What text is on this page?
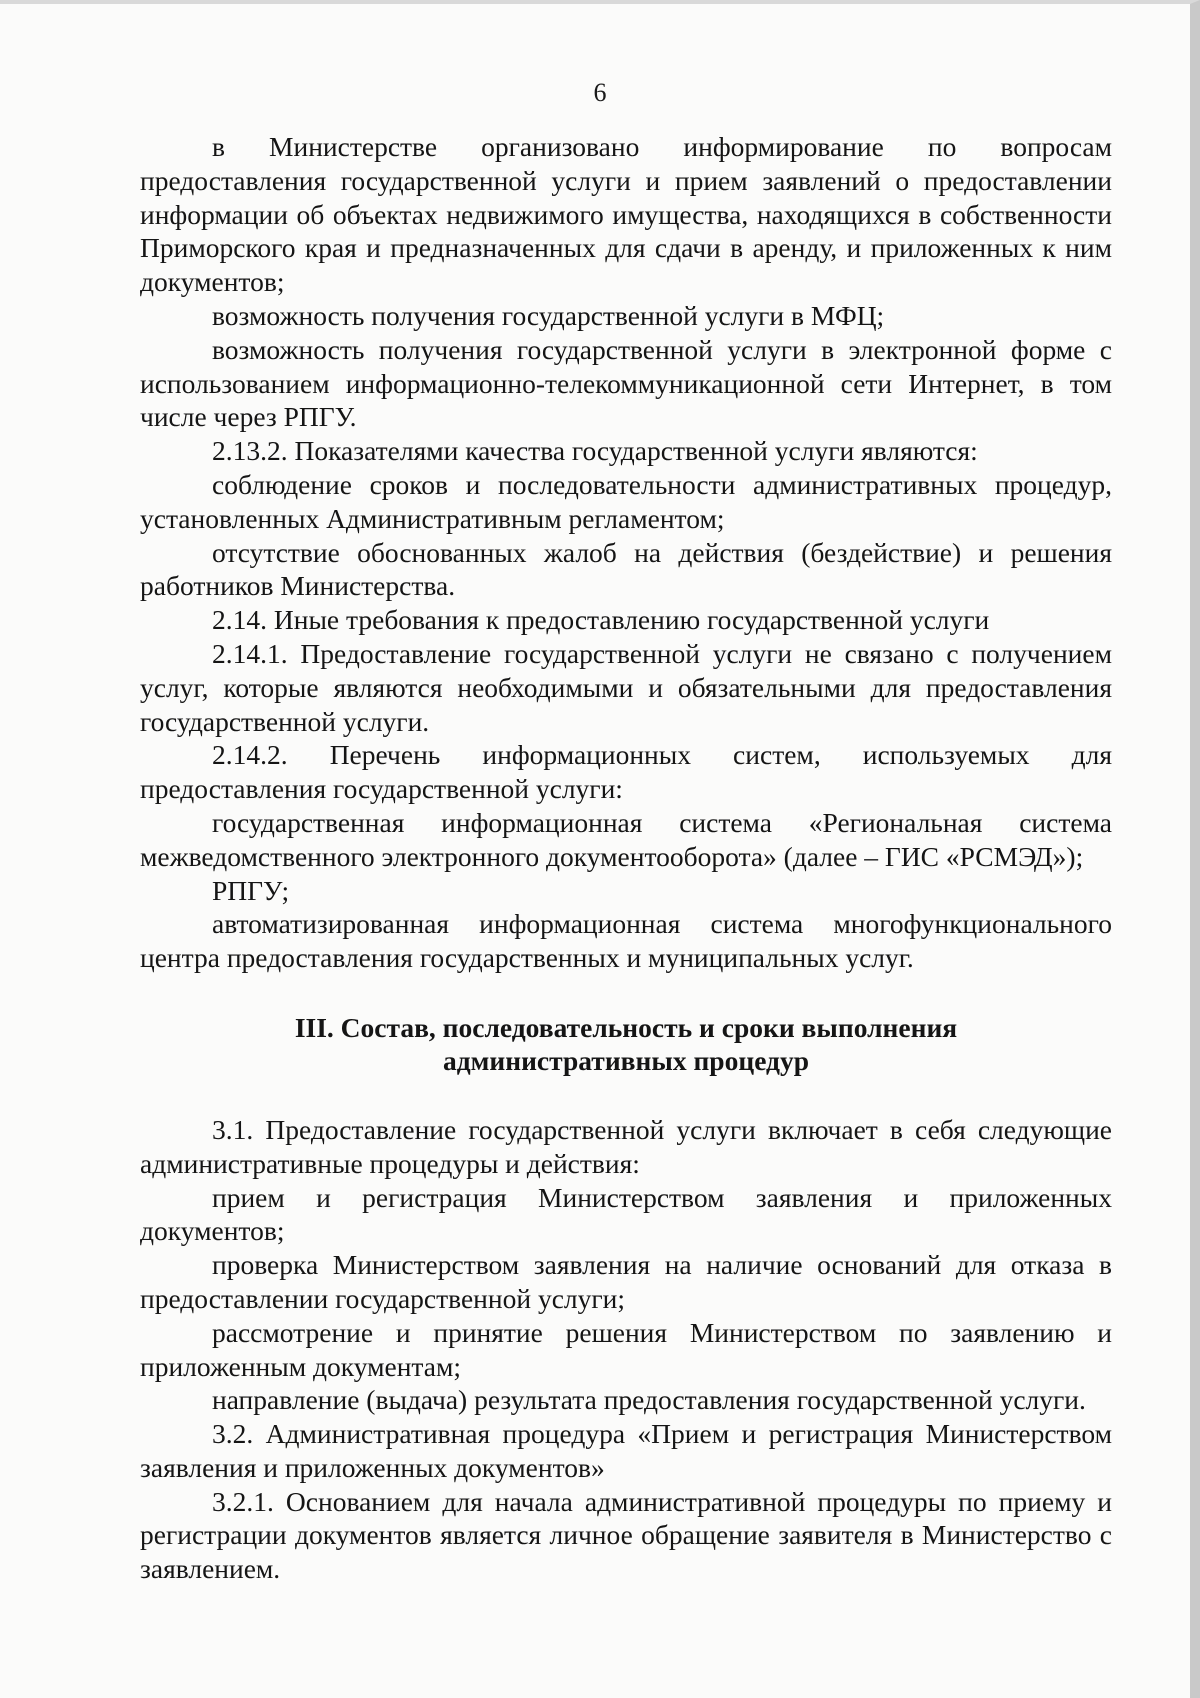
6

в Министерстве организовано информирование по вопросам предоставления государственной услуги и прием заявлений о предоставлении информации об объектах недвижимого имущества, находящихся в собственности Приморского края и предназначенных для сдачи в аренду, и приложенных к ним документов;

возможность получения государственной услуги в МФЦ;

возможность получения государственной услуги в электронной форме с использованием информационно-телекоммуникационной сети Интернет, в том числе через РПГУ.

2.13.2. Показателями качества государственной услуги являются:

соблюдение сроков и последовательности административных процедур, установленных Административным регламентом;

отсутствие обоснованных жалоб на действия (бездействие) и решения работников Министерства.

2.14. Иные требования к предоставлению государственной услуги

2.14.1. Предоставление государственной услуги не связано с получением услуг, которые являются необходимыми и обязательными для предоставления государственной услуги.

2.14.2. Перечень информационных систем, используемых для предоставления государственной услуги:

государственная информационная система «Региональная система межведомственного электронного документооборота» (далее – ГИС «РСМЭД»);

РПГУ;

автоматизированная информационная система многофункционального центра предоставления государственных и муниципальных услуг.

III. Состав, последовательность и сроки выполнения
административных процедур

3.1. Предоставление государственной услуги включает в себя следующие административные процедуры и действия:

прием и регистрация Министерством заявления и приложенных документов;

проверка Министерством заявления на наличие оснований для отказа в предоставлении государственной услуги;

рассмотрение и принятие решения Министерством по заявлению и приложенным документам;

направление (выдача) результата предоставления государственной услуги.

3.2. Административная процедура «Прием и регистрация Министерством заявления и приложенных документов»

3.2.1. Основанием для начала административной процедуры по приему и регистрации документов является личное обращение заявителя в Министерство с заявлением.
